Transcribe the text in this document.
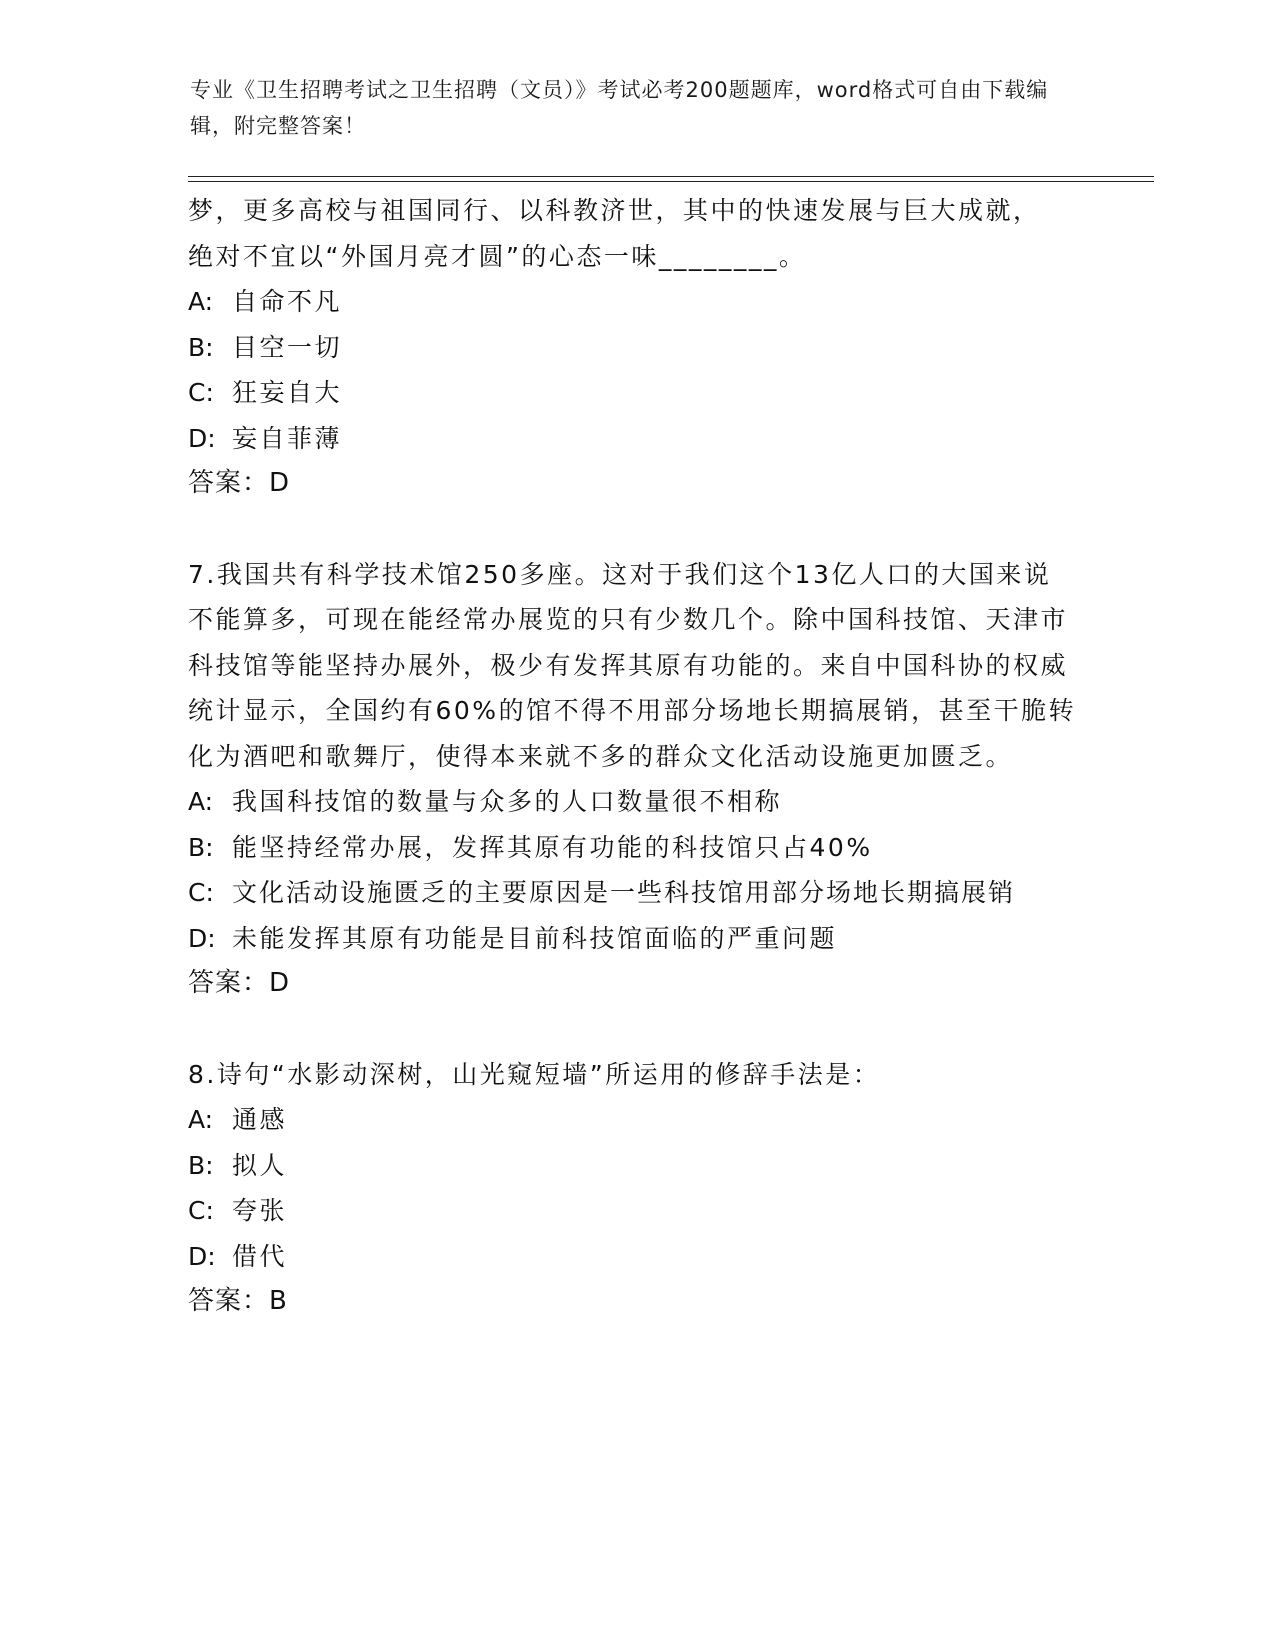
专业《卫生招聘考试之卫生招聘（文员）》考试必考200题题库，word格式可自由下载编辑，附完整答案！

梦，更多高校与祖国同行、以科教济世，其中的快速发展与巨大成就，绝对不宜以“外国月亮才圆”的心态一味________。

A: 自命不凡

B: 目空一切

C: 狂妄自大

D: 妄自菲薄

答案：D

7.我国共有科学技术馆250多座。这对于我们这个13亿人口的大国来说不能算多，可现在能经常办展览的只有少数几个。除中国科技馆、天津市科技馆等能坚持办展外，极少有发挥其原有功能的。来自中国科协的权威统计显示，全国约有60%的馆不得不用部分场地长期搞展销，甚至干脆转化为酒吧和歌舞厅，使得本来就不多的群众文化活动设施更加匮乏。

A: 我国科技馆的数量与众多的人口数量很不相称

B: 能坚持经常办展，发挥其原有功能的科技馆只占40%

C: 文化活动设施匮乏的主要原因是一些科技馆用部分场地长期搞展销

D: 未能发挥其原有功能是目前科技馆面临的严重问题

答案：D

8.诗句“水影动深树，山光窥短墙”所运用的修辞手法是：

A: 通感

B: 拟人

C: 夸张

D: 借代

答案：B
